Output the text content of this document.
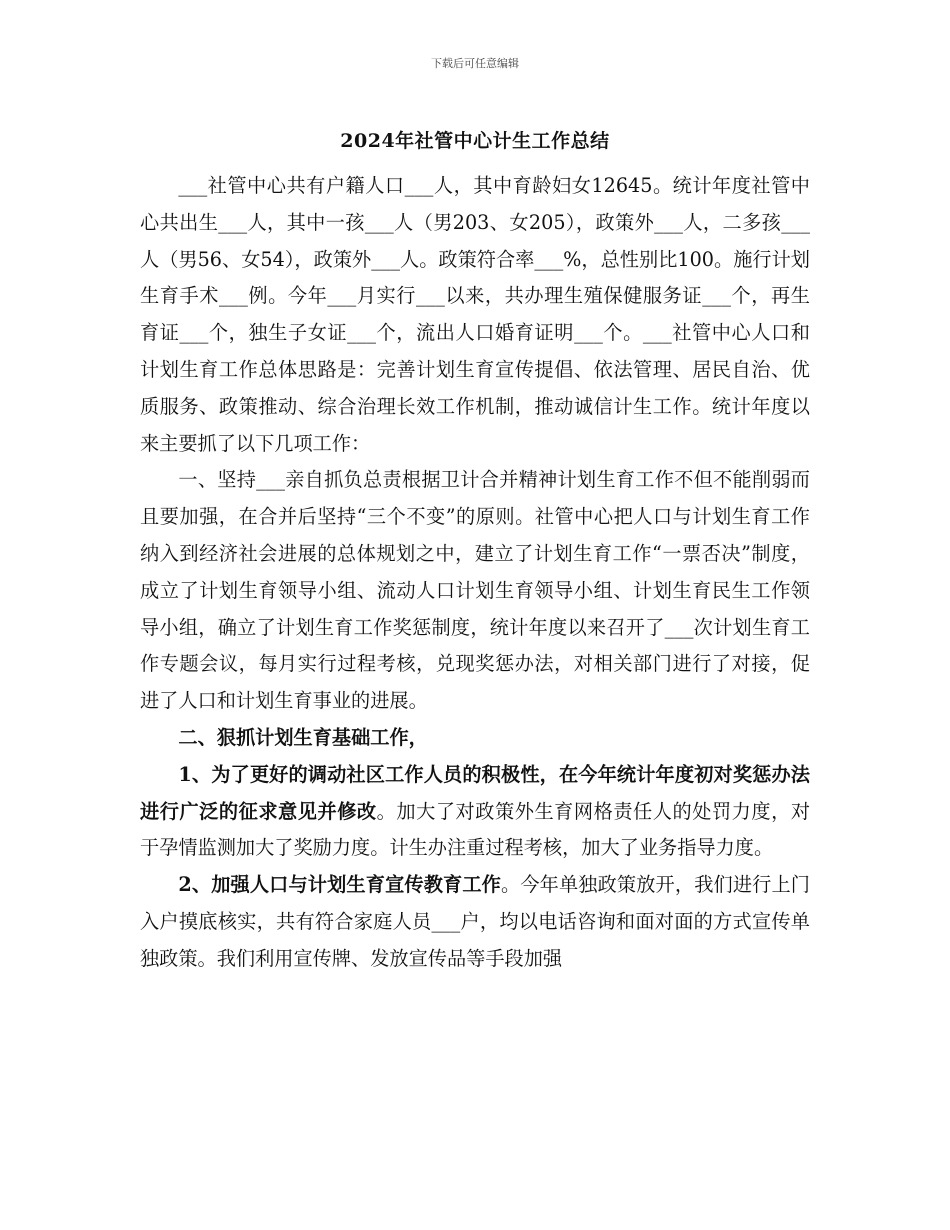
下载后可任意编辑
2024年社管中心计生工作总结

___社管中心共有户籍人口___人，其中育龄妇女12645。统计年度社管中心共出生___人，其中一孩___人（男203、女205），政策外___人，二多孩___人（男56、女54），政策外___人。政策符合率___%，总性别比100。施行计划生育手术___例。今年___月实行___以来，共办理生殖保健服务证___个，再生育证___个，独生子女证___个，流出人口婚育证明___个。___社管中心人口和计划生育工作总体思路是：完善计划生育宣传提倡、依法管理、居民自治、优质服务、政策推动、综合治理长效工作机制，推动诚信计生工作。统计年度以来主要抓了以下几项工作：

一、坚持___亲自抓负总责根据卫计合并精神计划生育工作不但不能削弱而且要加强，在合并后坚持“三个不变”的原则。社管中心把人口与计划生育工作纳入到经济社会进展的总体规划之中，建立了计划生育工作“一票否决”制度，成立了计划生育领导小组、流动人口计划生育领导小组、计划生育民生工作领导小组，确立了计划生育工作奖惩制度，统计年度以来召开了___次计划生育工作专题会议，每月实行过程考核，兑现奖惩办法，对相关部门进行了对接，促进了人口和计划生育事业的进展。

二、狠抓计划生育基础工作，

1、为了更好的调动社区工作人员的积极性，在今年统计年度初对奖惩办法进行广泛的征求意见并修改。加大了对政策外生育网格责任人的处罚力度，对于孕情监测加大了奖励力度。计生办注重过程考核，加大了业务指导力度。

2、加强人口与计划生育宣传教育工作。今年单独政策放开，我们进行上门入户摸底核实，共有符合家庭人员___户，均以电话咨询和面对面的方式宣传单独政策。我们利用宣传牌、发放宣传品等手段加强
